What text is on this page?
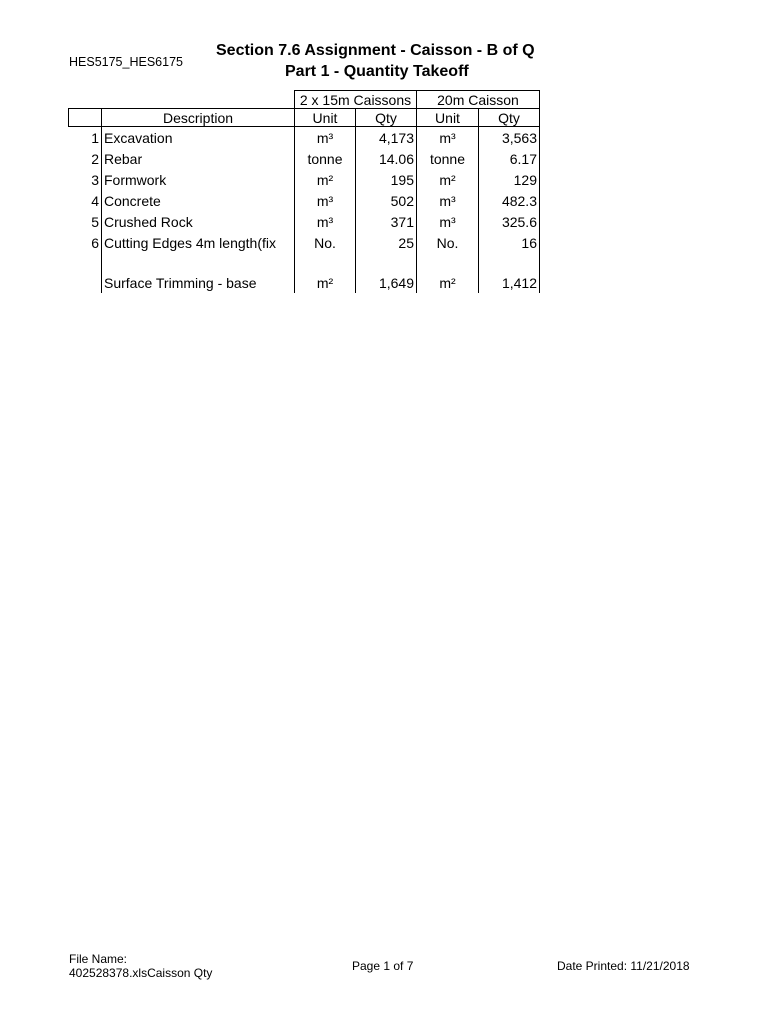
HES5175_HES6175
Section 7.6 Assignment - Caisson - B of Q
Part 1 - Quantity Takeoff
		2 x 15m Caissons		20m Caisson	
	Description	Unit	Qty	Unit	Qty
1	Excavation	m³	4,173	m³	3,563
2	Rebar	tonne	14.06	tonne	6.17
3	Formwork	m²	195	m²	129
4	Concrete	m³	502	m³	482.3
5	Crushed Rock	m³	371	m³	325.6
6	Cutting Edges 4m length(fix	No.	25	No.	16

	Surface Trimming - base	m²	1,649	m²	1,412
File Name:
402528378.xlsCaisson Qty	Page 1 of 7	Date Printed: 11/21/2018
